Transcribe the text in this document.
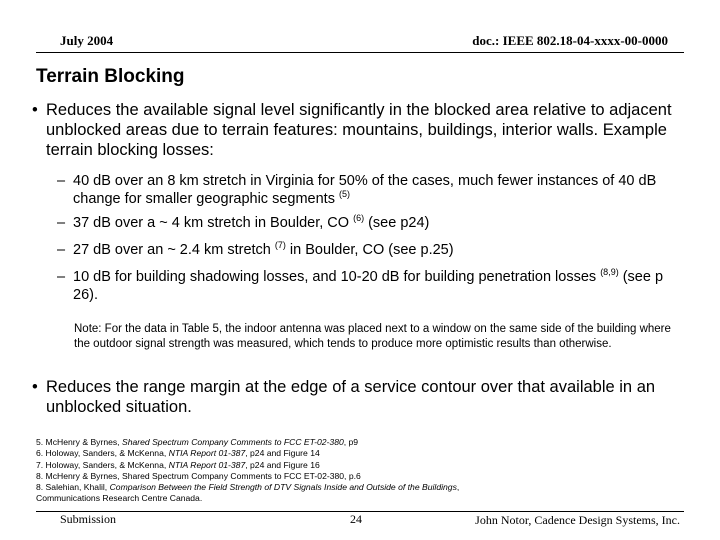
July 2004	doc.: IEEE 802.18-04-xxxx-00-0000
Terrain Blocking
• Reduces the available signal level significantly in the blocked area relative to adjacent unblocked areas due to terrain features: mountains, buildings, interior walls. Example terrain blocking losses:
– 40 dB over an 8 km stretch in Virginia for 50% of the cases, much fewer instances of 40 dB change for smaller geographic segments $^{(5)}$
– 37 dB over a ~ 4 km stretch in Boulder, CO $^{(6)}$ (see p24)
– 27 dB over an ~ 2.4 km stretch $^{(7)}$ in Boulder, CO (see p.25)
– 10 dB for building shadowing losses, and 10-20 dB for building penetration losses $^{(8,9)}$ (see p 26).
Note: For the data in Table 5, the indoor antenna was placed next to a window on the same side of the building where the outdoor signal strength was measured, which tends to produce more optimistic results than otherwise.
• Reduces the range margin at the edge of a service contour over that available in an unblocked situation.
5. McHenry & Byrnes, Shared Spectrum Company Comments to FCC ET-02-380, p9
6. Holoway, Sanders, & McKenna, NTIA Report 01-387, p24 and Figure 14
7. Holoway, Sanders, & McKenna, NTIA Report 01-387, p24 and Figure 16
8. McHenry & Byrnes, Shared Spectrum Company Comments to FCC ET-02-380, p.6
8. Salehian, Khalil, Comparison Between the Field Strength of DTV Signals Inside and Outside of the Buildings,
Communications Research Centre Canada.
Submission	24	John Notor, Cadence Design Systems, Inc.
